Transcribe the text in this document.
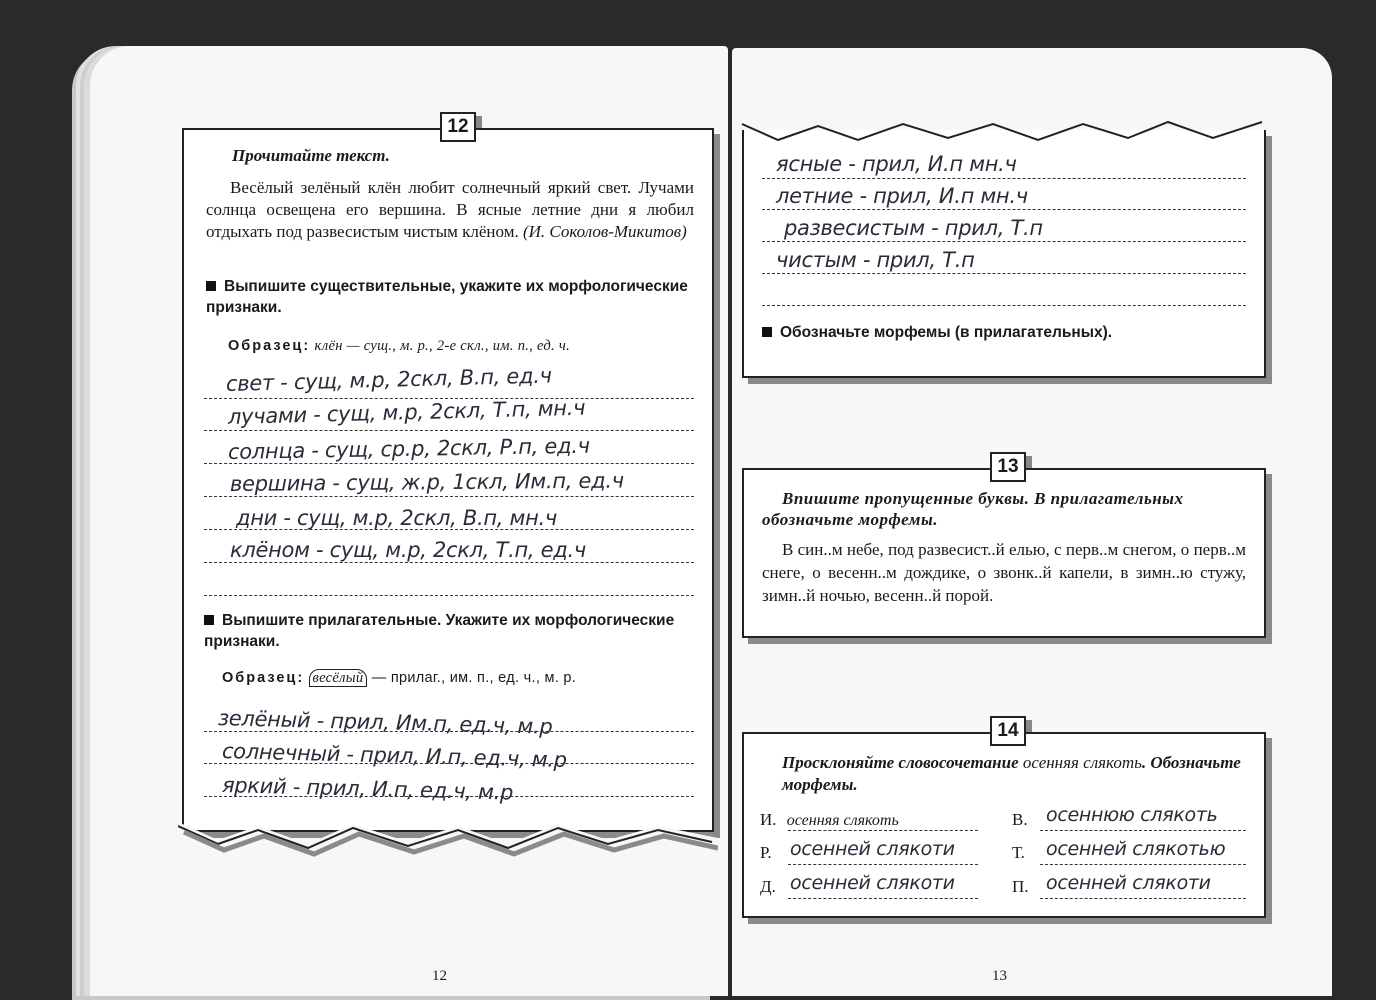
12
Прочитайте текст.
Весёлый зелёный клён любит солнечный яркий свет. Лучами солнца освещена его вершина. В ясные летние дни я любил отдыхать под развесистым чистым клёном. (И. Соколов-Микитов)
Выпишите существительные, укажите их морфологические признаки.
Образец: клён — сущ., м. р., 2-е скл., им. п., ед. ч.
свет - сущ, м.р, 2скл, В.п, ед.ч
лучами - сущ, м.р, 2скл, Т.п, мн.ч
солнца - сущ, ср.р, 2скл, Р.п, ед.ч
вершина - сущ, ж.р, 1скл, Им.п, ед.ч
дни - сущ, м.р, 2скл, В.п, мн.ч
клёном - сущ, м.р, 2скл, Т.п, ед.ч
Выпишите прилагательные. Укажите их морфологические признаки.
Образец: весёлый — прилаг., им. п., ед. ч., м. р.
зелёный - прил, Им.п, ед.ч, м.р
солнечный - прил, И.п, ед.ч, м.р
яркий - прил, И.п, ед.ч, м.р
12
ясные - прил, И.п мн.ч
летние - прил, И.п мн.ч
развесистым - прил, Т.п
чистым - прил, Т.п
Обозначьте морфемы (в прилагательных).
13
Впишите пропущенные буквы. В прилагательных обозначьте морфемы.
В син..м небе, под развесист..й елью, с перв..м снегом, о перв..м снеге, о весенн..м дождике, о звонк..й капели, в зимн..ю стужу, зимн..й ночью, весенн..й порой.
14
Просклоняйте словосочетание осенняя слякоть. Обозначьте морфемы.
И. осенняя слякоть	В. осеннюю слякоть
Р. осенней слякоти	Т. осенней слякотью
Д. осенней слякоти	П. осенней слякоти
13
